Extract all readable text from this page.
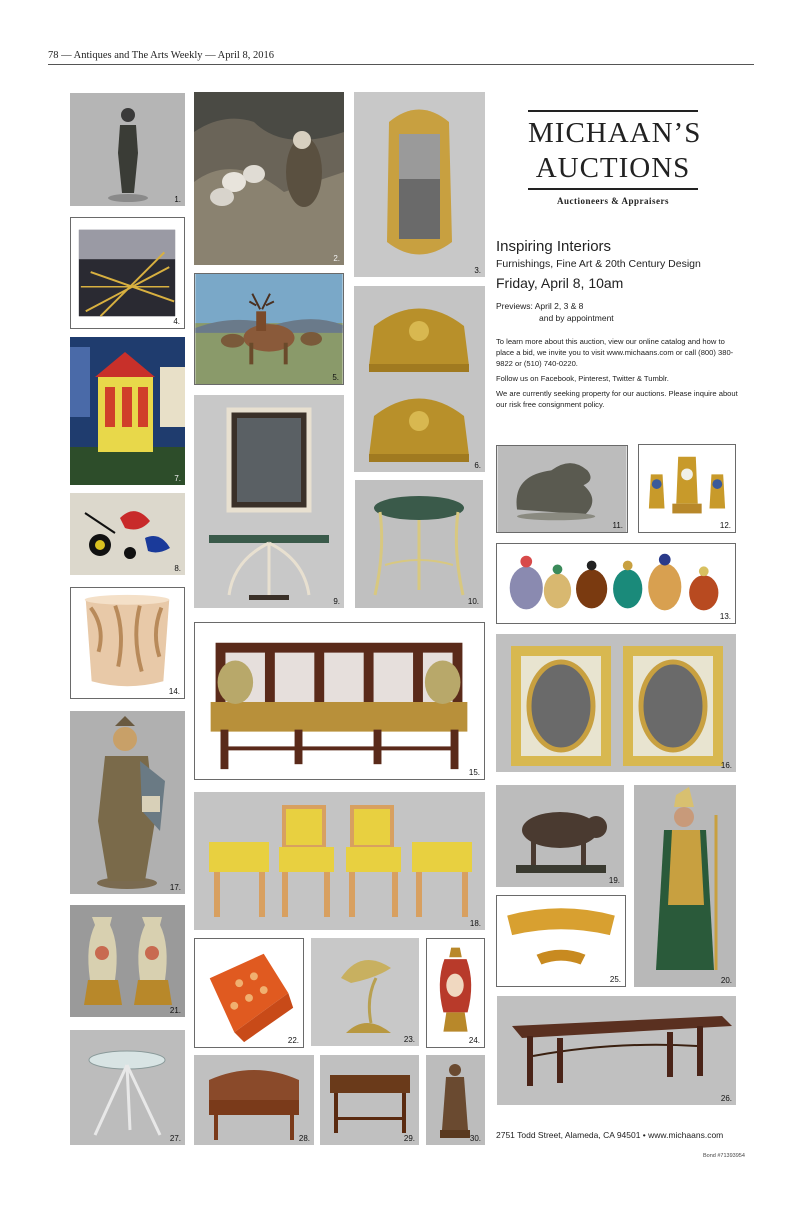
78 — Antiques and The Arts Weekly — April 8, 2016
1.
4.
7.
8.
14.
17.
21.
27.
2.
5.
9.
15.
18.
22.
28.
3.
6.
10.
24.
23.
29.	30.
MICHAAN’S
AUCTIONS
Auctioneers & Appraisers
Inspiring Interiors
Furnishings, Fine Art & 20th Century Design
Friday, April 8, 10am
Previews: April 2, 3 & 8
and by appointment

To learn more about this auction, view our online catalog and how to place a bid, we invite you to visit www.michaans.com or call (800) 380-9822 or (510) 740-0220.

Follow us on Facebook, Pinterest, Twitter & Tumblr.

We are currently seeking property for our auctions. Please inquire about our risk free consignment policy.

11.	12.
13.
16.
19.
25.	20.
26.
2751 Todd Street, Alameda, CA 94501 • www.michaans.com
Bond #71393954
